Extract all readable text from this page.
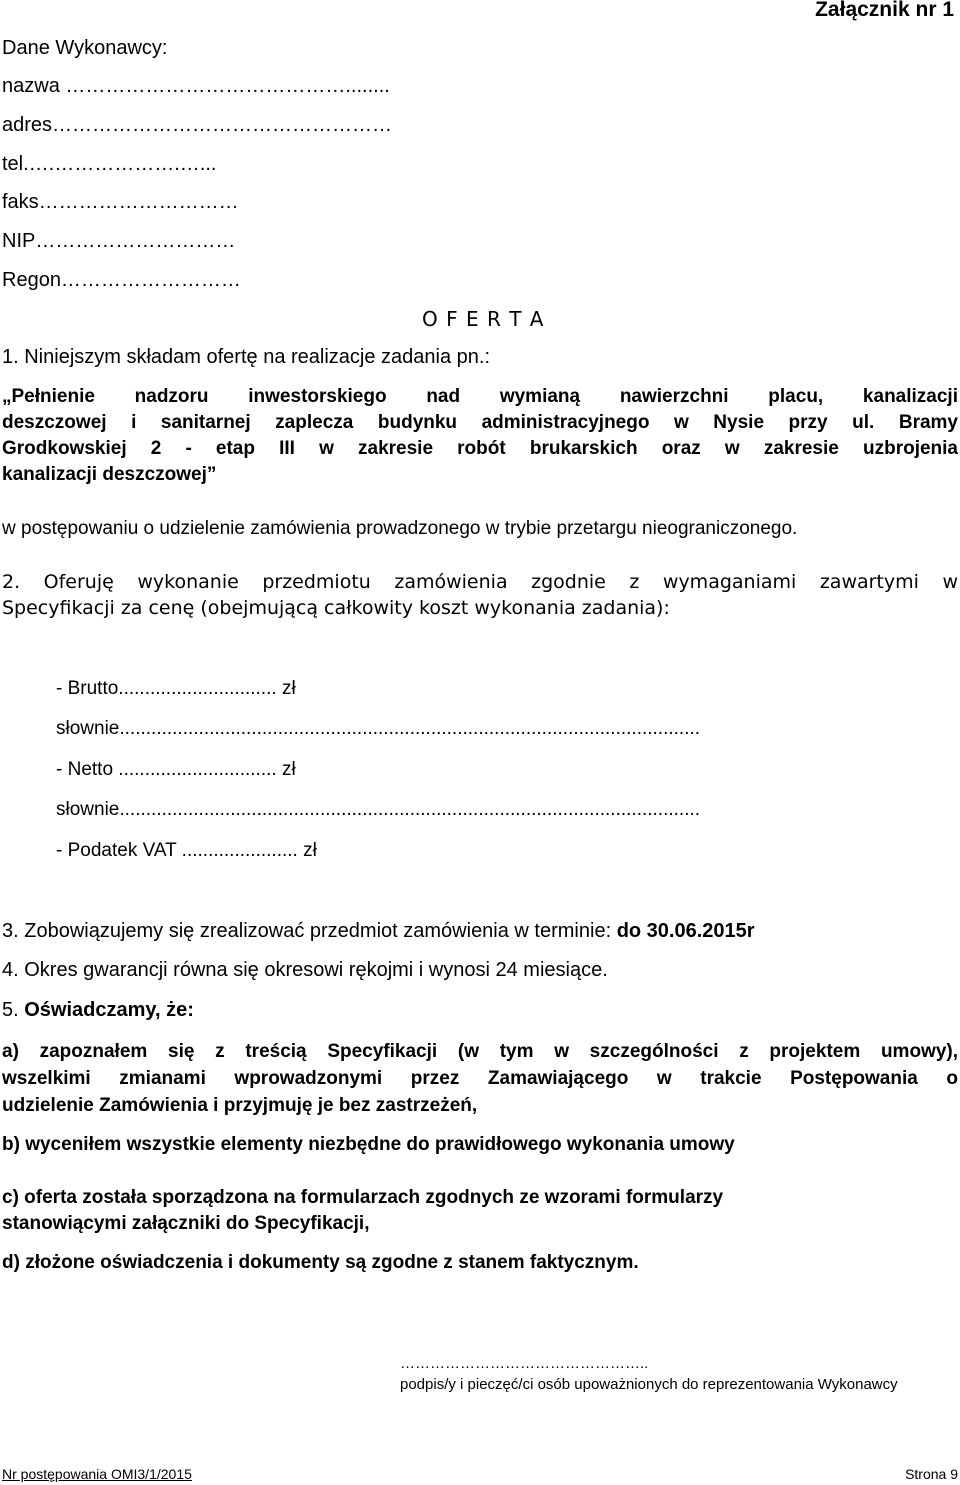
Załącznik nr 1
Dane Wykonawcy:
nazwa ……………………………………........
adres……………………………………………
tel.….……………….…...
faks…………………………
NIP…………………………
Regon………………………
O F E R T A
1. Niniejszym składam ofertę na realizacje zadania pn.:
„Pełnienie nadzoru inwestorskiego nad wymianą nawierzchni placu, kanalizacji
deszczowej i sanitarnej zaplecza budynku administracyjnego w Nysie przy ul. Bramy
Grodkowskiej 2 - etap III w zakresie robót brukarskich oraz w zakresie uzbrojenia
kanalizacji deszczowej”
w postępowaniu o udzielenie zamówienia prowadzonego w trybie przetargu nieograniczonego.
2. Oferuję wykonanie przedmiotu zamówienia zgodnie z wymaganiami zawartymi w
Specyfikacji za cenę (obejmującą całkowity koszt wykonania zadania):
- Brutto.............................. zł
słownie..............................................................................................................
- Netto .............................. zł
słownie..............................................................................................................
- Podatek VAT ...................... zł
3. Zobowiązujemy się zrealizować przedmiot zamówienia w terminie: do 30.06.2015r
4. Okres gwarancji równa się okresowi rękojmi i wynosi 24 miesiące.
5. Oświadczamy, że:
a) zapoznałem się z treścią Specyfikacji (w tym w szczególności z projektem umowy),
wszelkimi zmianami wprowadzonymi przez Zamawiającego w trakcie Postępowania o
udzielenie Zamówienia i przyjmuję je bez zastrzeżeń,
b) wyceniłem wszystkie elementy niezbędne do prawidłowego wykonania umowy
c) oferta została sporządzona na formularzach zgodnych ze wzorami formularzy
stanowiącymi załączniki do Specyfikacji,
d) złożone oświadczenia i dokumenty są zgodne z stanem faktycznym.
…………………………………………..
podpis/y i pieczęć/ci osób upoważnionych do reprezentowania Wykonawcy
Nr postępowania OMI3/1/2015	Strona 9
